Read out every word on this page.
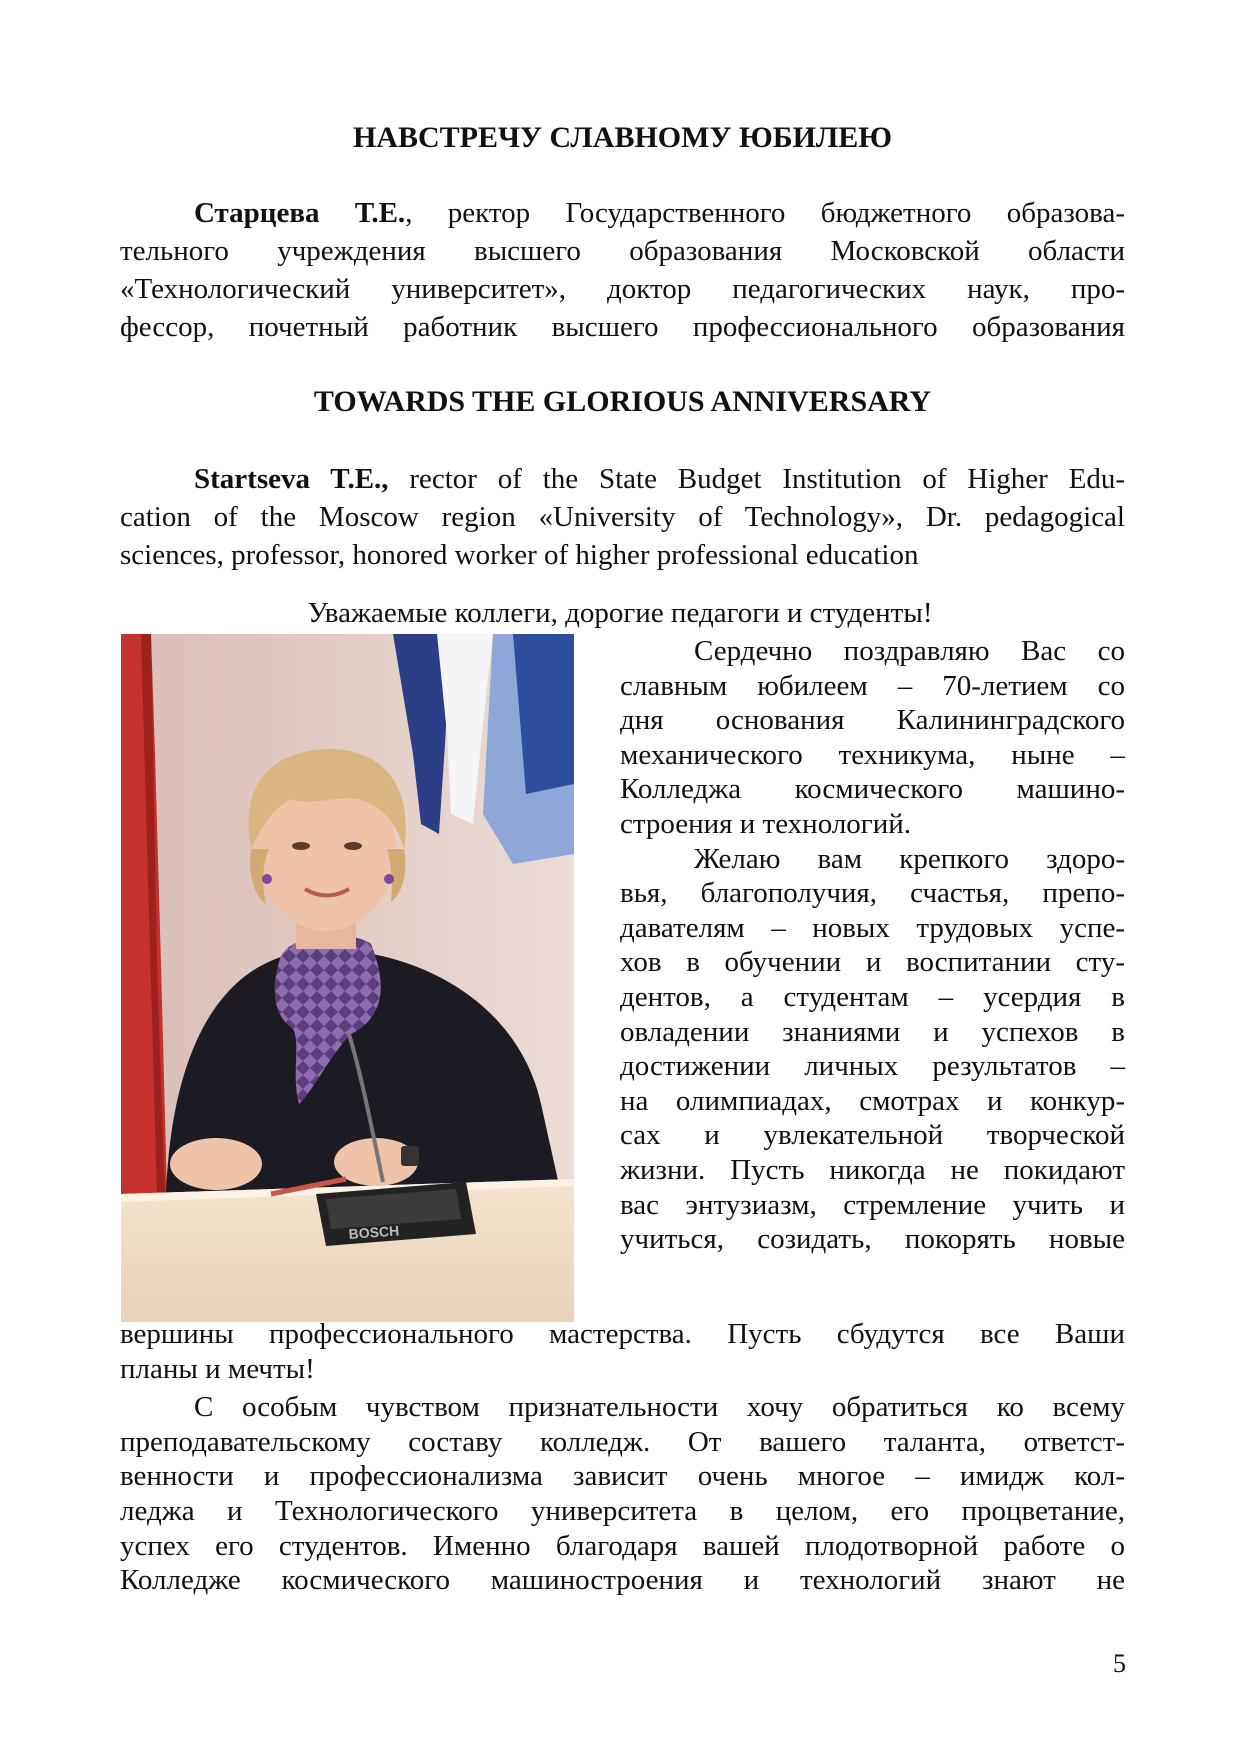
НАВСТРЕЧУ СЛАВНОМУ ЮБИЛЕЮ
Старцева Т.Е., ректор Государственного бюджетного образова-
тельного учреждения высшего образования Московской области
«Технологический университет», доктор педагогических наук, про-
фессор, почетный работник высшего профессионального образования
TOWARDS THE GLORIOUS ANNIVERSARY
Startseva T.E., rector of the State Budget Institution of Higher Edu-
cation of the Moscow region «University of Technology», Dr. pedagogical
sciences, professor, honored worker of higher professional education
Уважаемые коллеги, дорогие педагоги и студенты!
BOSCH
Сердечно поздравляю Вас со
славным юбилеем – 70-летием со
дня основания Калининградского
механического техникума, ныне –
Колледжа космического машино-
строения и технологий.
Желаю вам крепкого здоро-
вья, благополучия, счастья, препо-
давателям – новых трудовых успе-
хов в обучении и воспитании сту-
дентов, а студентам – усердия в
овладении знаниями и успехов в
достижении личных результатов –
на олимпиадах, смотрах и конкур-
сах и увлекательной творческой
жизни. Пусть никогда не покидают
вас энтузиазм, стремление учить и
учиться, созидать, покорять новые
вершины профессионального мастерства. Пусть сбудутся все Ваши
планы и мечты!
С особым чувством признательности хочу обратиться ко всему
преподавательскому составу колледж. От вашего таланта, ответст-
венности и профессионализма зависит очень многое – имидж кол-
леджа и Технологического университета в целом, его процветание,
успех его студентов. Именно благодаря вашей плодотворной работе о
Колледже космического машиностроения и технологий знают не
5
